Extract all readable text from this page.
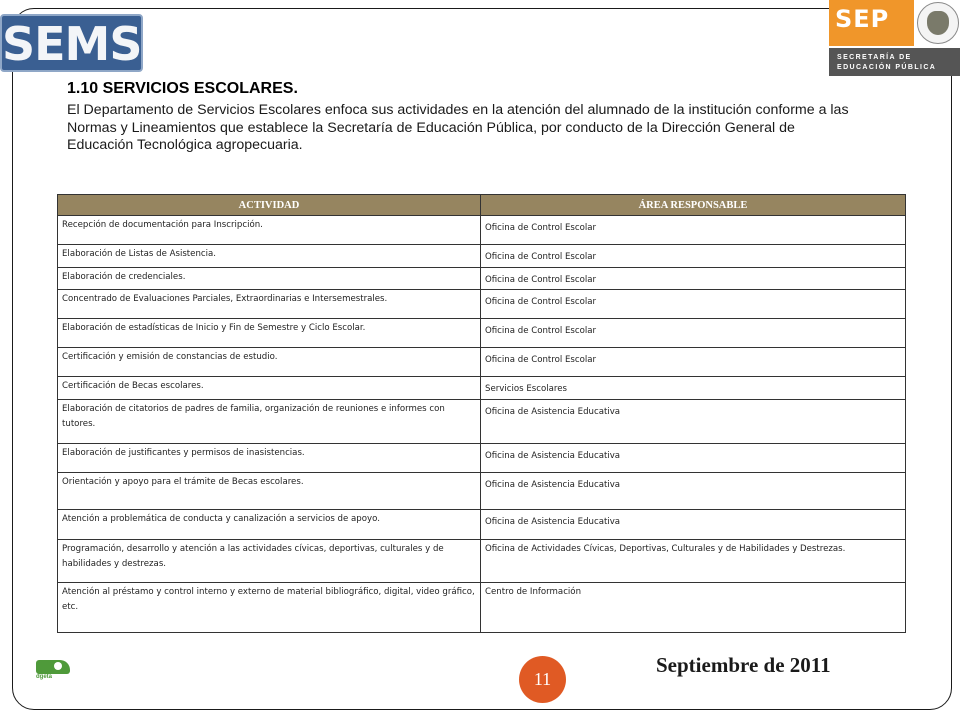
SEMS	SEP
SECRETARÍA DE
EDUCACIÓN PÚBLICA
1.10 SERVICIOS ESCOLARES.
El Departamento de Servicios Escolares enfoca sus actividades en la atención del alumnado de la institución conforme a las Normas y Lineamientos que establece la Secretaría de Educación Pública, por conducto de la Dirección General de Educación Tecnológica agropecuaria.
ACTIVIDAD	ÁREA RESPONSABLE
Recepción de documentación para Inscripción.	Oficina de Control Escolar
Elaboración de Listas de Asistencia.	Oficina de Control Escolar
Elaboración de credenciales.	Oficina de Control Escolar
Concentrado de Evaluaciones Parciales, Extraordinarias e Intersemestrales.	Oficina de Control Escolar
Elaboración de estadísticas de Inicio y Fin de Semestre y Ciclo Escolar.	Oficina de Control Escolar
Certificación y emisión de constancias de estudio.	Oficina de Control Escolar
Certificación de Becas escolares.	Servicios Escolares
Elaboración de citatorios de padres de familia, organización de reuniones e informes con tutores.	Oficina de Asistencia Educativa
Elaboración de justificantes y permisos de inasistencias.	Oficina de Asistencia Educativa
Orientación y apoyo para el trámite de Becas escolares.	Oficina de Asistencia Educativa
Atención a problemática de conducta y canalización a servicios de apoyo.	Oficina de Asistencia Educativa
Programación, desarrollo y atención a las actividades cívicas, deportivas, culturales y de habilidades y destrezas.	Oficina de Actividades Cívicas, Deportivas, Culturales y de Habilidades y Destrezas.
Atención al préstamo y control interno y externo de material bibliográfico, digital, video gráfico, etc.	Centro de Información
dgeta	11
Septiembre de 2011
